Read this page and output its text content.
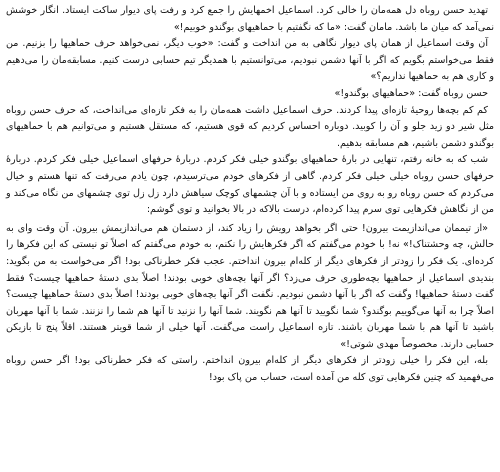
تهدید حسن روباه دل همه‌مان را خالی کرد. اسماعیل اخمهایش را جمع کرد و رفت پای دیوار ساکت ایستاد. انگار خوشش نمی‌آمد که میان ما باشد. مامان گفت: «ما که نگفتیم با حماهیهای بوگندو خوبیم!»

آن وقت اسماعیل از همان پای دیوار نگاهی به من انداخت و گفت: «خوب دیگر، نمی‌خواهد حرف حماهیها را بزنیم. من فقط می‌خواستم بگویم که اگر با آنها دشمن نبودیم، می‌توانستیم با همدیگر تیم حسابی درست کنیم. مسابقه‌مان را می‌دهیم و کاری هم به حماهیها نداریم؟»

حسن روباه گفت: «حماهیهای بوگندو!»

کم کم بچه‌ها روحیهٔ تازه‌ای پیدا کردند. حرف اسماعیل داشت همه‌مان را به فکر تازه‌ای می‌انداخت، که حرف حسن روباه مثل شیر دو زید جلو و آن را کوبید. دوباره احساس کردیم که قوی هستیم، که مستقل هستیم و می‌توانیم هم با حماهیهای بوگندو دشمن باشیم، هم مسابقه بدهیم.

شب که به خانه رفتم، تنهایی در بارهٔ حماهیهای بوگندو خیلی فکر کردم. دربارهٔ حرفهای اسماعیل خیلی فکر کردم. دربارهٔ حرفهای حسن روباه خیلی خیلی فکر کردم. گاهی از فکرهای خودم می‌ترسیدم، چون یادم می‌رفت که تنها هستم و خیال می‌کردم که حسن روباه رو به روی من ایستاده و با آن چشمهای کوچک سیاهش دارد زل زل توی چشمهای من نگاه می‌کند و من از نگاهش فکرهایی توی سرم پیدا کرده‌ام، درست بالاکه در بالا بخوانید و توی گوشم:

«از تیممان می‌اندازیمت بیرون! حتی اگر بخواهد رویش را زیاد کند، از دستمان هم می‌اندازیمش بیرون. آن وقت وای به حالش، چه وحشتناک!» نه! با خودم می‌گفتم که اگر فکرهایش را نکنم، به خودم می‌گفتم که اصلاً تو نیستی که این فکرها را کرده‌ای. یک فکر را زودتر از فکرهای دیگر از کله‌ام بیرون انداختم. عجب فکر خطرناکی بود! اگر می‌خواست به من بگوید: بندیدی اسماعیل از حماهیها بچه‌طوری حرف می‌زد؟ اگر آنها بچه‌های خوبی بودند! اصلاً بدی دستهٔ حماهیها چیست؟ فقط گفت دستهٔ حماهیها! وگفت که اگر با آنها دشمن نبودیم. نگفت اگر آنها بچه‌های خوبی بودند! اصلاً بدی دستهٔ حماهیها چیست؟ اصلاً چرا به آنها می‌گوییم بوگندو؟ شما نگویید تا آنها هم نگویند. شما آنها را نزنید تا آنها هم شما را نزنند. شما با آنها مهربان باشید تا آنها هم با شما مهربان باشند. تازه اسماعیل راست می‌گفت. آنها خیلی از شما قویتر هستند. اقلاً پنج تا بازیکن حسابی دارند. مخصوصاً مهدی شوتی!»

بله، این فکر را خیلی زودتر از فکرهای دیگر از کله‌ام بیرون انداختم. راستی که فکر خطرناکی بود! اگر حسن روباه می‌فهمید که چنین فکرهایی توی کله من آمده است، حساب من پاک بود!
